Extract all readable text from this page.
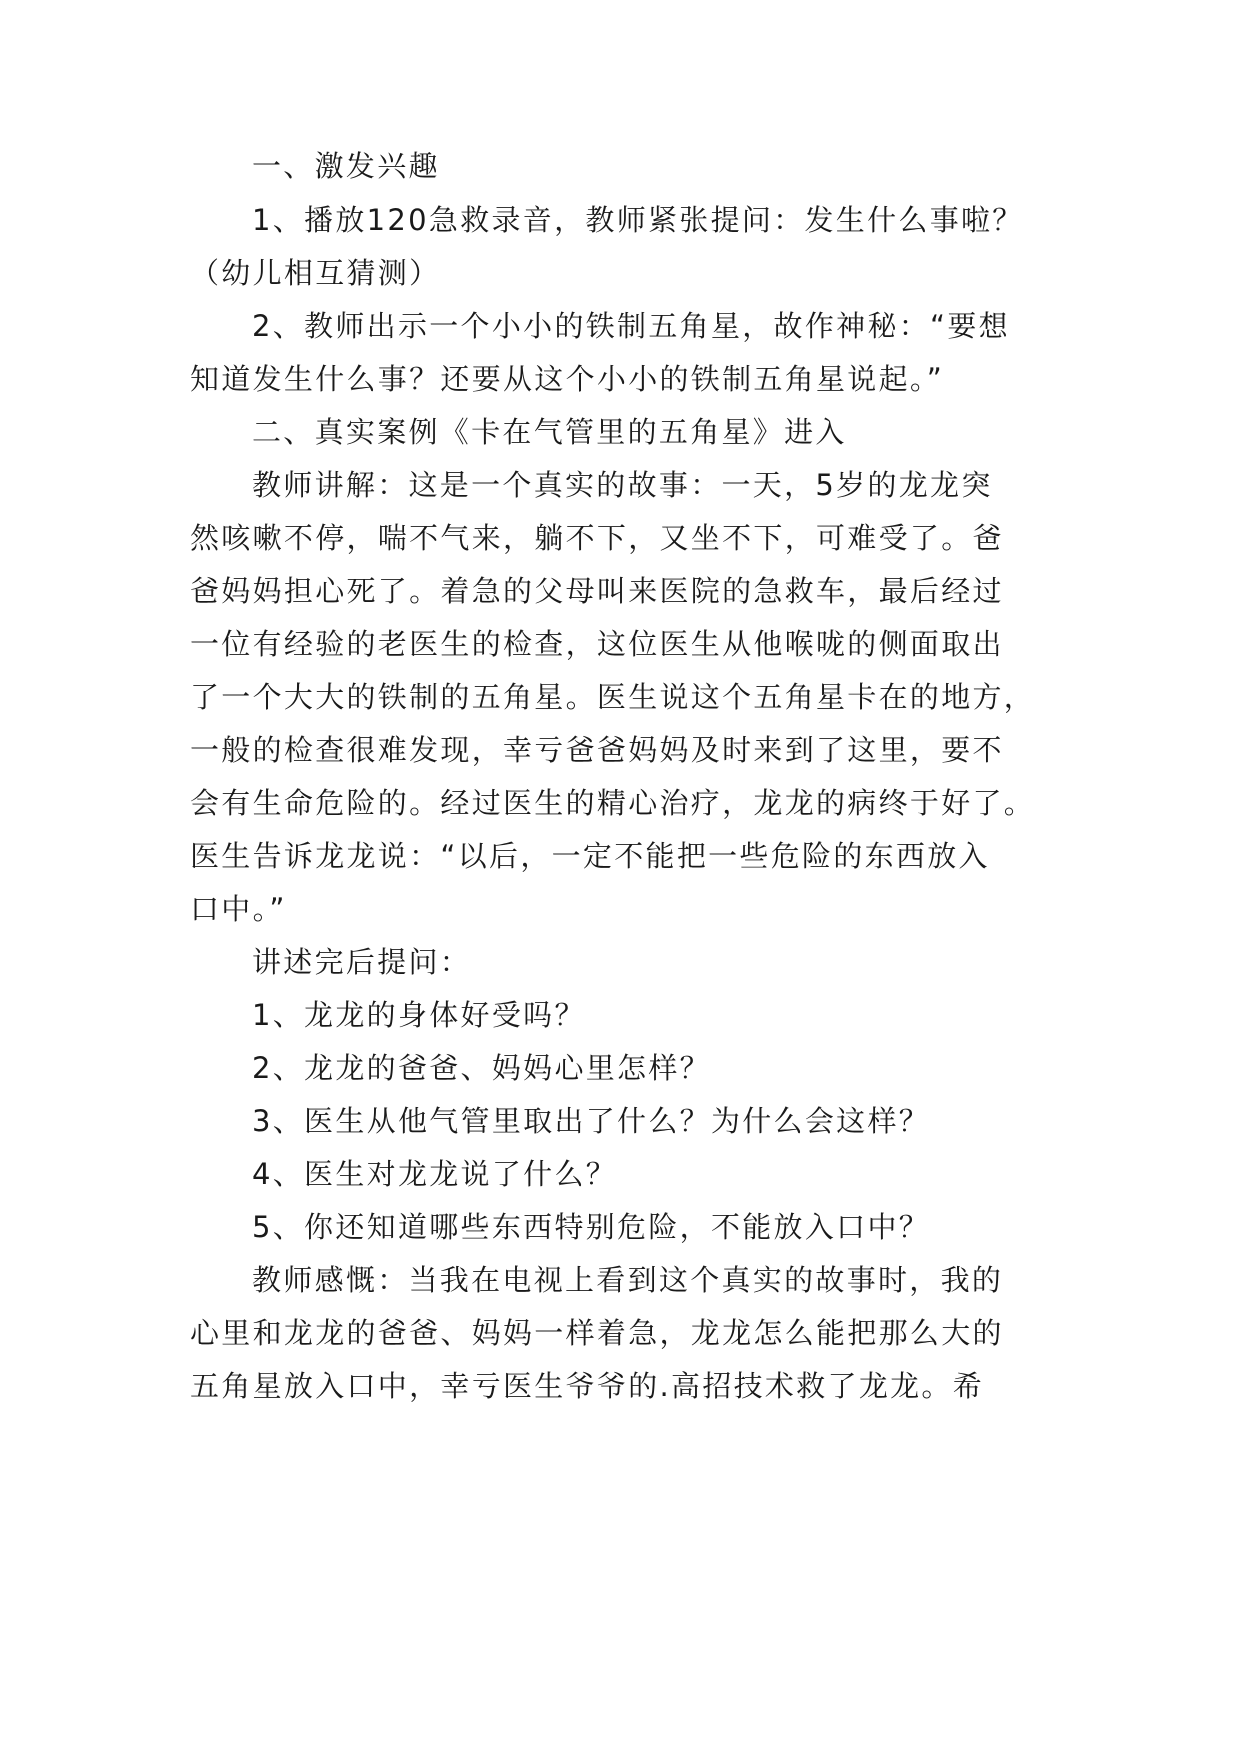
一、激发兴趣
1、播放120急救录音，教师紧张提问：发生什么事啦？
（幼儿相互猜测）
2、教师出示一个小小的铁制五角星，故作神秘：“要想
知道发生什么事？还要从这个小小的铁制五角星说起。”
二、真实案例《卡在气管里的五角星》进入
教师讲解：这是一个真实的故事：一天，5岁的龙龙突
然咳嗽不停，喘不气来，躺不下，又坐不下，可难受了。爸
爸妈妈担心死了。着急的父母叫来医院的急救车，最后经过
一位有经验的老医生的检查，这位医生从他喉咙的侧面取出
了一个大大的铁制的五角星。医生说这个五角星卡在的地方，
一般的检查很难发现，幸亏爸爸妈妈及时来到了这里，要不
会有生命危险的。经过医生的精心治疗，龙龙的病终于好了。
医生告诉龙龙说：“以后，一定不能把一些危险的东西放入
口中。”
讲述完后提问：
1、龙龙的身体好受吗？
2、龙龙的爸爸、妈妈心里怎样？
3、医生从他气管里取出了什么？为什么会这样？
4、医生对龙龙说了什么？
5、你还知道哪些东西特别危险，不能放入口中？
教师感慨：当我在电视上看到这个真实的故事时，我的
心里和龙龙的爸爸、妈妈一样着急，龙龙怎么能把那么大的
五角星放入口中，幸亏医生爷爷的.高招技术救了龙龙。希
